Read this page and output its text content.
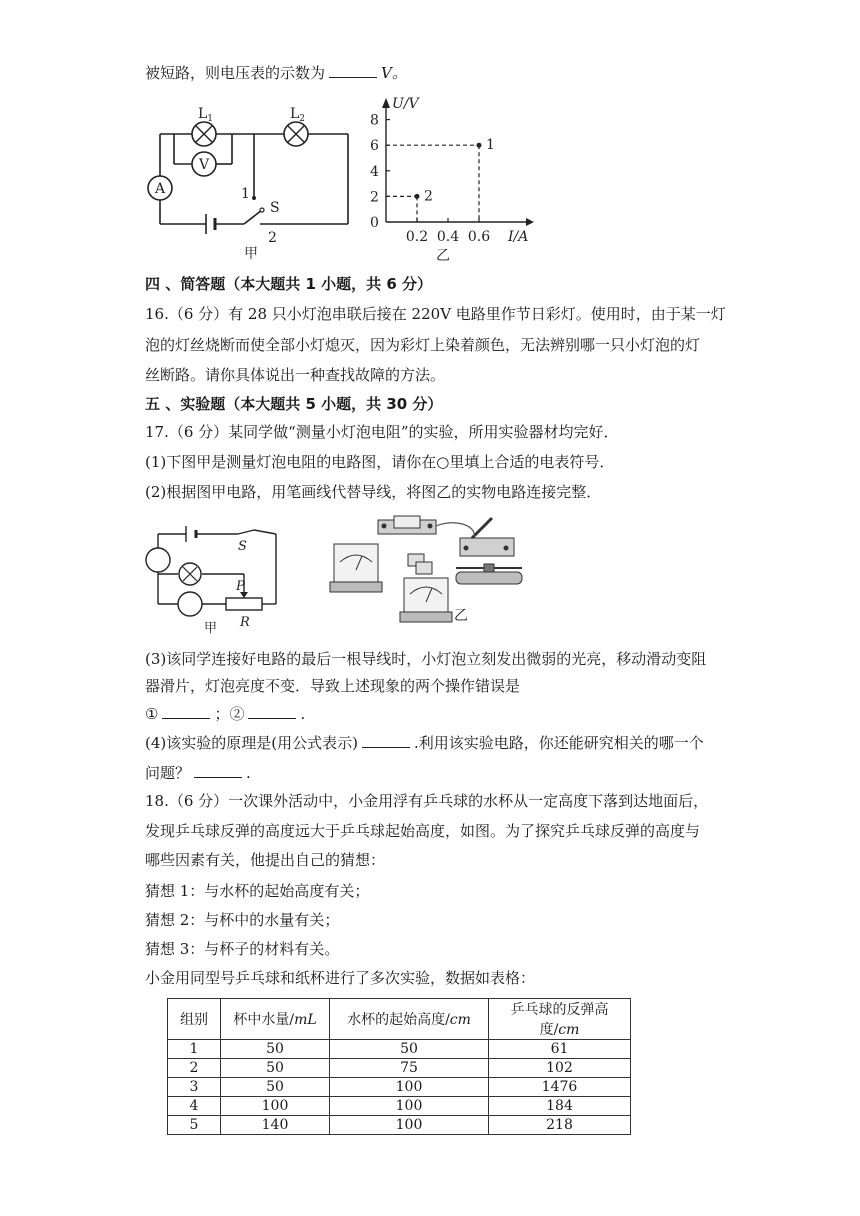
被短路，则电压表的示数为	V。
V
A
$L_1$	$L_2$
1
S
2
甲
U/V
I/A
乙
8
6
4
2
0
0.2 0.4 0.6
1
2
四 、简答题（本大题共 1 小题，共 6 分）
16.（6 分）有 28 只小灯泡串联后接在 220V 电路里作节日彩灯。使用时，由于某一灯
泡的灯丝烧断而使全部小灯熄灭，因为彩灯上染着颜色，无法辨别哪一只小灯泡的灯
丝断路。请你具体说出一种查找故障的方法。
五 、实验题（本大题共 5 小题，共 30 分）
17.（6 分）某同学做“测量小灯泡电阻”的实验，所用实验器材均完好．
(1)下图甲是测量灯泡电阻的电路图，请你在○里填上合适的电表符号．
(2)根据图甲电路，用笔画线代替导线，将图乙的实物电路连接完整．
S
P
R
甲
乙
(3)该同学连接好电路的最后一根导线时，小灯泡立刻发出微弱的光亮，移动滑动变阻
器滑片，灯泡亮度不变．导致上述现象的两个操作错误是
①	；②	.
(4)该实验的原理是(用公式表示)	.利用该实验电路，你还能研究相关的哪一个
问题？	.
18.（6 分）一次课外活动中，小金用浮有乒乓球的水杯从一定高度下落到达地面后，
发现乒乓球反弹的高度远大于乒乓球起始高度，如图。为了探究乒乓球反弹的高度与
哪些因素有关，他提出自己的猜想：
猜想 1：与水杯的起始高度有关；
猜想 2：与杯中的水量有关；
猜想 3：与杯子的材料有关。
小金用同型号乒乓球和纸杯进行了多次实验，数据如表格：
组别	杯中水量/mL	水杯的起始高度/cm	乒乓球的反弹高度/cm
1	50	50	61
2	50	75	102
3	50	100	1476
4	100	100	184
5	140	100	218
